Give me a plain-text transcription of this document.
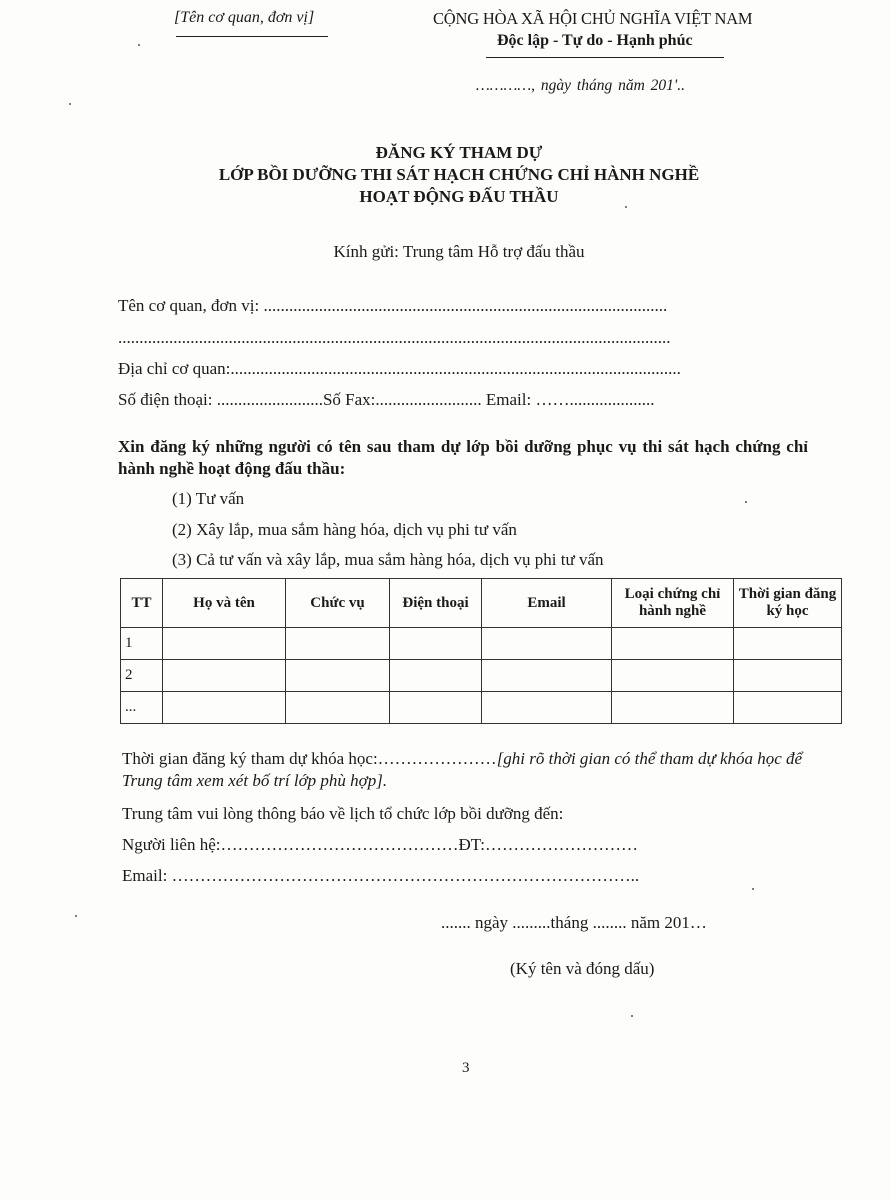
[Tên cơ quan, đơn vị]	CỘNG HÒA XÃ HỘI CHỦ NGHĨA VIỆT NAM
Độc lập - Tự do - Hạnh phúc
…………, ngày tháng năm 201'..
ĐĂNG KÝ THAM DỰ
LỚP BỒI DƯỠNG THI SÁT HẠCH CHỨNG CHỈ HÀNH NGHỀ
HOẠT ĐỘNG ĐẤU THẦU
Kính gửi: Trung tâm Hỗ trợ đấu thầu
Tên cơ quan, đơn vị: ...............................................................................................
..................................................................................................................................
Địa chỉ cơ quan:..........................................................................................................
Số điện thoại: .........................Số Fax:......................... Email: ……....................
Xin đăng ký những người có tên sau tham dự lớp bồi dưỡng phục vụ thi sát hạch chứng chỉ hành nghề hoạt động đấu thầu:
(1) Tư vấn
(2) Xây lắp, mua sắm hàng hóa, dịch vụ phi tư vấn
(3) Cả tư vấn và xây lắp, mua sắm hàng hóa, dịch vụ phi tư vấn
TT	Họ và tên	Chức vụ	Điện thoại	Email	Loại chứng chỉ hành nghề	Thời gian đăng ký học
1						
2						
...						
Thời gian đăng ký tham dự khóa học:…………………[ghi rõ thời gian có thể tham dự khóa học để Trung tâm xem xét bố trí lớp phù hợp].
Trung tâm vui lòng thông báo về lịch tổ chức lớp bồi dưỡng đến:
Người liên hệ:……………………………………ĐT:………………………
Email: ………………………………………………………………………..
....... ngày .........tháng ........ năm 201…
(Ký tên và đóng dấu)
3
